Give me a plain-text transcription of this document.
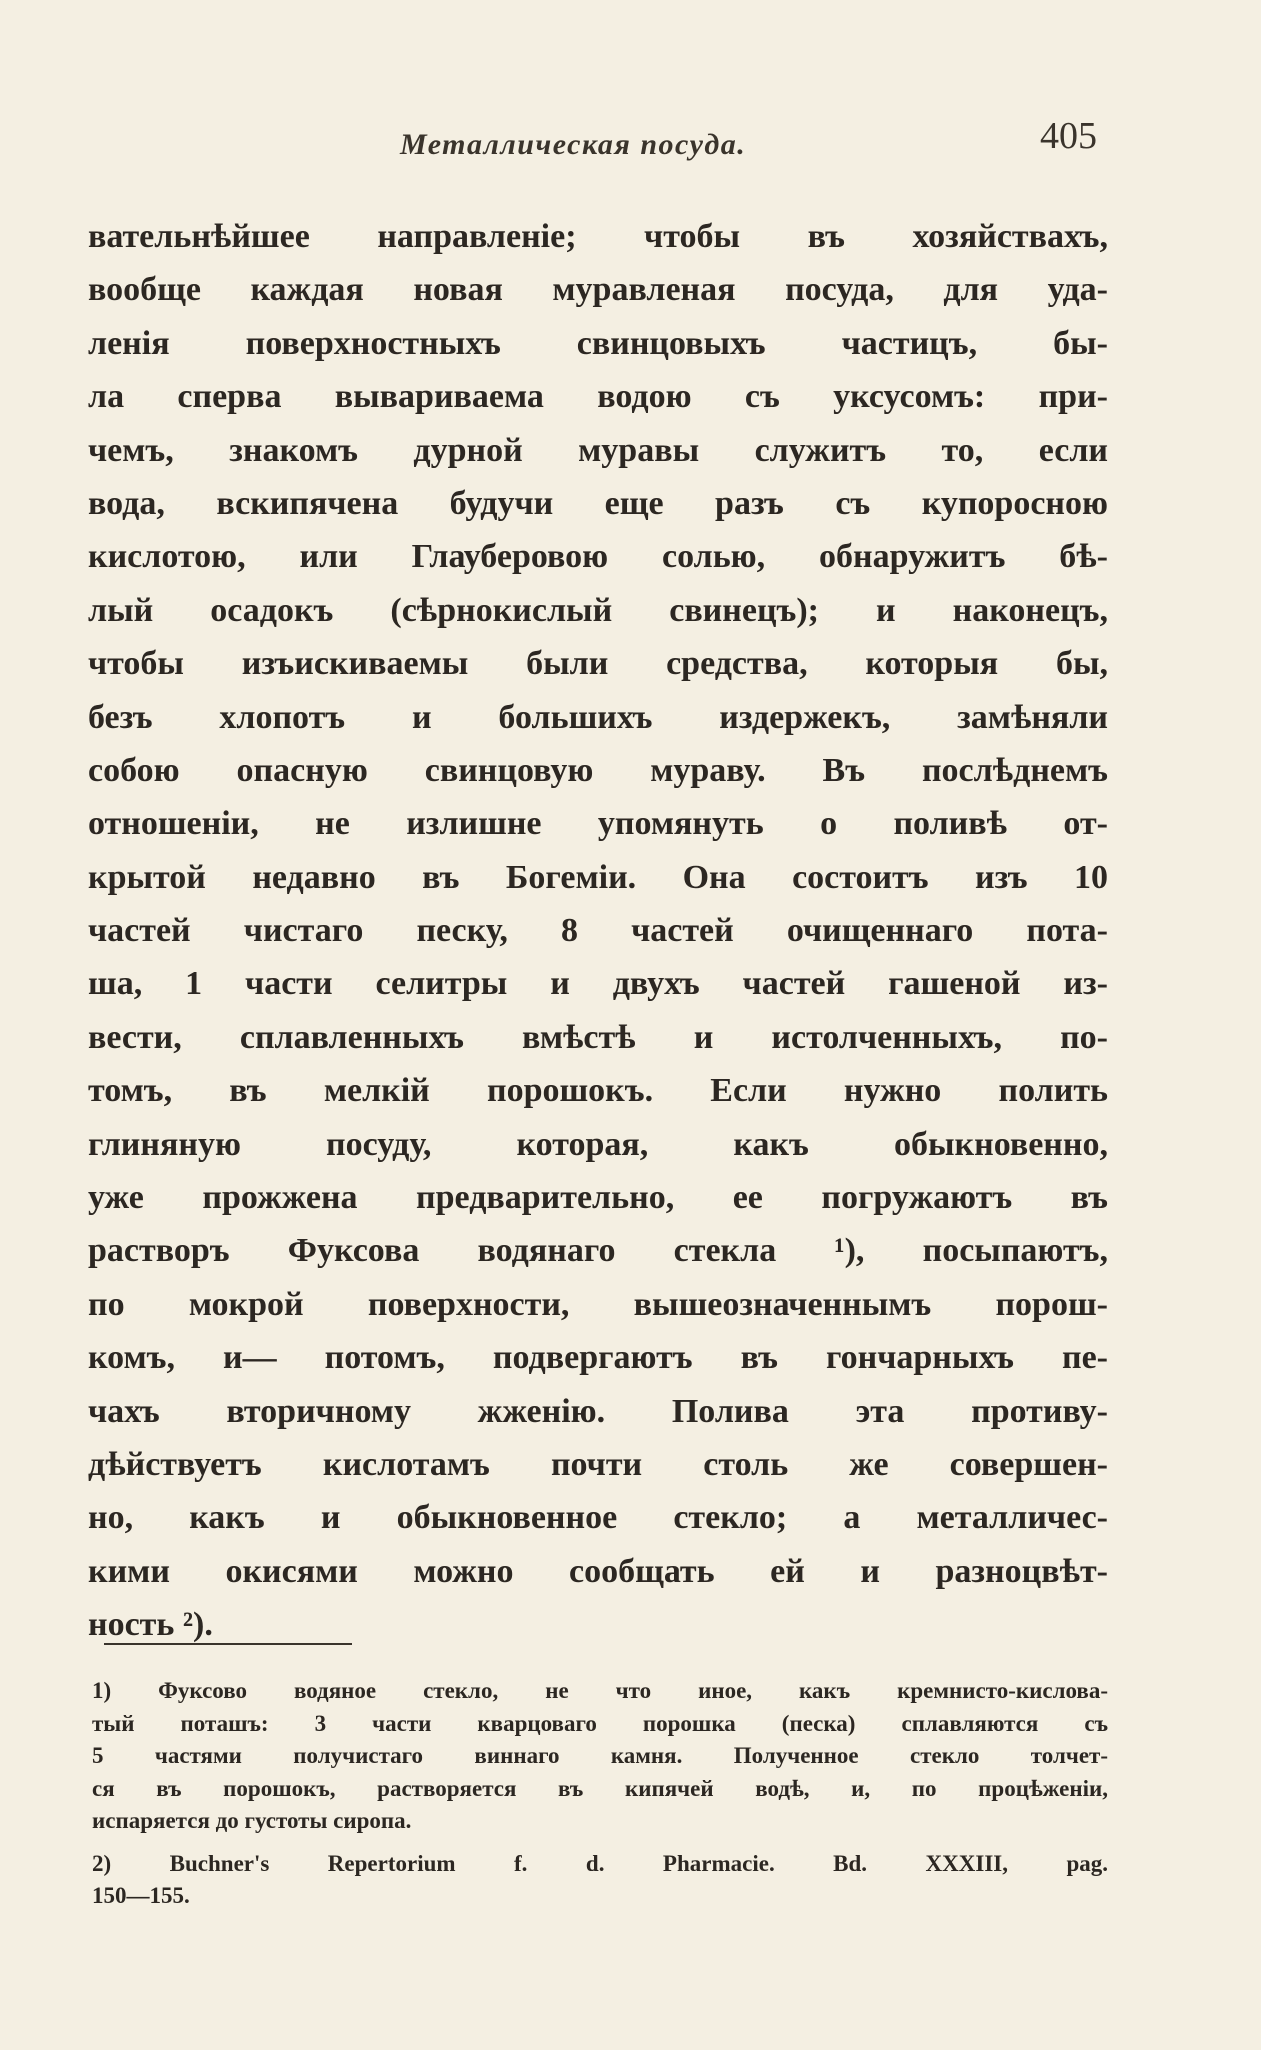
Металлическая посуда.	405
вательнѣйшее направленіе; чтобы въ хозяйствахъ,
вообще каждая новая муравленая посуда, для уда-
ленія поверхностныхъ свинцовыхъ частицъ, бы-
ла сперва вывариваема водою съ уксусомъ: при-
чемъ, знакомъ дурной муравы служитъ то, если
вода, вскипячена будучи еще разъ съ купоросною
кислотою, или Глауберовою солью, обнаружитъ бѣ-
лый осадокъ (сѣрнокислый свинецъ); и наконецъ,
чтобы изъискиваемы были средства, которыя бы,
безъ хлопотъ и большихъ издержекъ, замѣняли
собою опасную свинцовую мураву. Въ послѣднемъ
отношеніи, не излишне упомянуть о поливѣ от-
крытой недавно въ Богеміи. Она состоитъ изъ 10
частей чистаго песку, 8 частей очищеннаго пота-
ша, 1 части селитры и двухъ частей гашеной из-
вести, сплавленныхъ вмѣстѣ и истолченныхъ, по-
томъ, въ мелкій порошокъ. Если нужно полить
глиняную посуду, которая, какъ обыкновенно,
уже прожжена предварительно, ее погружаютъ въ
растворъ Фуксова водянаго стекла ¹), посыпаютъ,
по мокрой поверхности, вышеозначеннымъ порош-
комъ, и— потомъ, подвергаютъ въ гончарныхъ пе-
чахъ вторичному жженію. Полива эта противу-
дѣйствуетъ кислотамъ почти столь же совершен-
но, какъ и обыкновенное стекло; а металличес-
кими окисями можно сообщать ей и разноцвѣт-
ность ²).
1) Фуксово водяное стекло, не что иное, какъ кремнисто-кислова-
тый поташъ: 3 части кварцоваго порошка (песка) сплавляются съ
5 частями получистаго виннаго камня. Полученное стекло толчет-
ся въ порошокъ, растворяется въ кипячей водѣ, и, по процѣженіи,
испаряется до густоты сиропа.
2) Buchner's Repertorium f. d. Pharmacie. Bd. XXXIII, pag.
150—155.
